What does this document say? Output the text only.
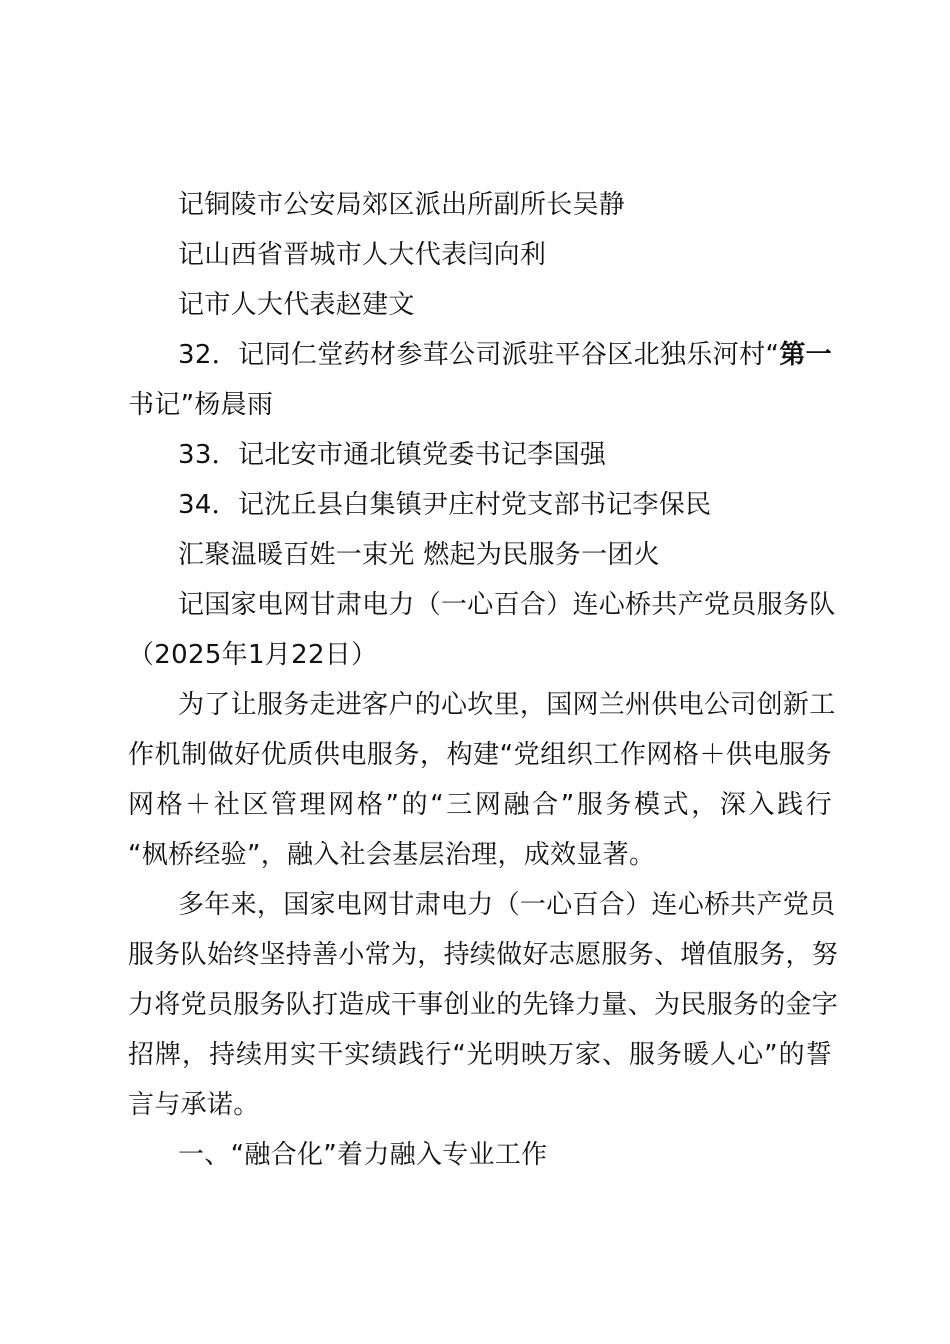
记铜陵市公安局郊区派出所副所长吴静
记山西省晋城市人大代表闫向利
记市人大代表赵建文
32．记同仁堂药材参茸公司派驻平谷区北独乐河村“第一
书记”杨晨雨
33．记北安市通北镇党委书记李国强
34．记沈丘县白集镇尹庄村党支部书记李保民
汇聚温暖百姓一束光 燃起为民服务一团火
记国家电网甘肃电力（一心百合）连心桥共产党员服务队
（2025年1月22日）
为了让服务走进客户的心坎里，国网兰州供电公司创新工
作机制做好优质供电服务，构建“党组织工作网格＋供电服务
网格＋社区管理网格”的“三网融合”服务模式，深入践行
“枫桥经验”，融入社会基层治理，成效显著。
多年来，国家电网甘肃电力（一心百合）连心桥共产党员
服务队始终坚持善小常为，持续做好志愿服务、增值服务，努
力将党员服务队打造成干事创业的先锋力量、为民服务的金字
招牌，持续用实干实绩践行“光明映万家、服务暖人心”的誓
言与承诺。
一、“融合化”着力融入专业工作
